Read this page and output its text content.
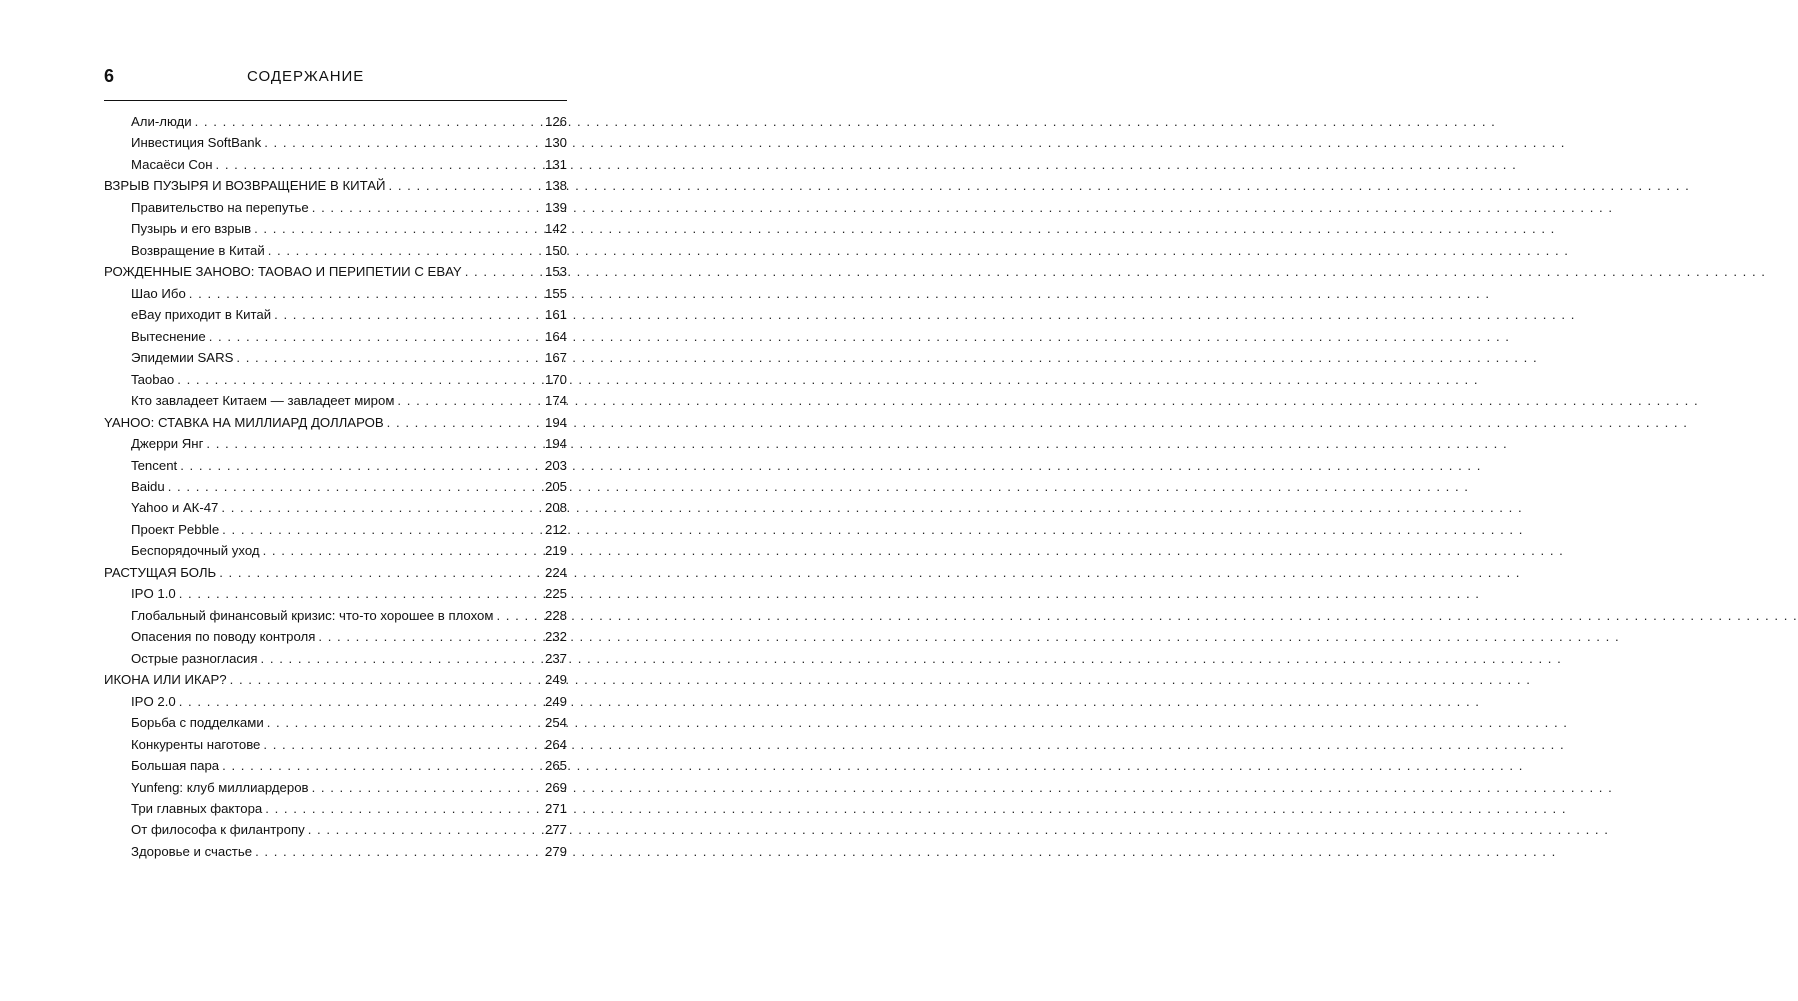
6	СОДЕРЖАНИЕ
Али-люди . . .	126
Инвестиция SoftBank . . .	130
Масаёси Сон . . .	131
ВЗРЫВ ПУЗЫРЯ И ВОЗВРАЩЕНИЕ В КИТАЙ . . .	138
Правительство на перепутье . . .	139
Пузырь и его взрыв . . .	142
Возвращение в Китай . . .	150
РОЖДЕННЫЕ ЗАНОВО: TAOBAO И ПЕРИПЕТИИ С EBAY . . .	153
Шао Ибо . . .	155
eBay приходит в Китай . . .	161
Вытеснение . . .	164
Эпидемии SARS . . .	167
Taobao . . .	170
Кто завладеет Китаем — завладеет миром . . .	174
YAHOO: СТАВКА НА МИЛЛИАРД ДОЛЛАРОВ . . .	194
Джерри Янг . . .	194
Tencent . . .	203
Baidu . . .	205
Yahoo и АК-47 . . .	208
Проект Pebble . . .	212
Беспорядочный уход . . .	219
РАСТУЩАЯ БОЛЬ . . .	224
IPO 1.0 . . .	225
Глобальный финансовый кризис: что-то хорошее в плохом . . .	228
Опасения по поводу контроля . . .	232
Острые разногласия . . .	237
ИКОНА ИЛИ ИКАР? . . .	249
IPO 2.0 . . .	249
Борьба с подделками . . .	254
Конкуренты наготове . . .	264
Большая пара . . .	265
Yunfeng: клуб миллиардеров . . .	269
Три главных фактора . . .	271
От философа к филантропу . . .	277
Здоровье и счастье . . .	279
